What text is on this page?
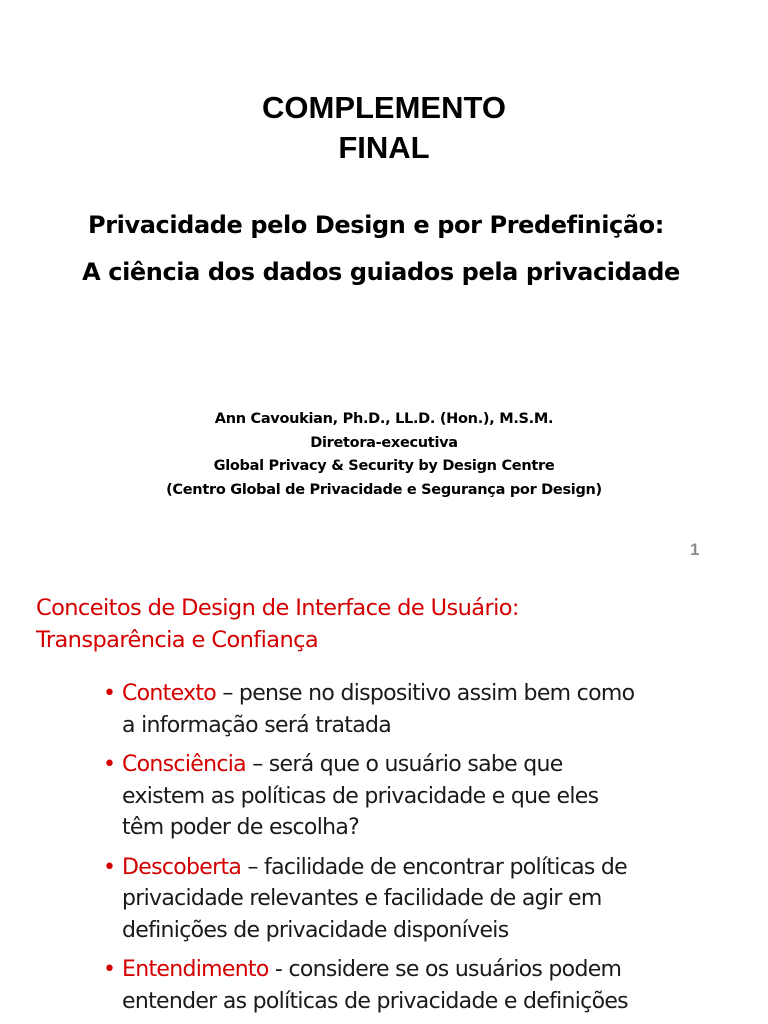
COMPLEMENTO
FINAL
Privacidade pelo Design e por Predefinição:
A ciência dos dados guiados pela privacidade
Ann Cavoukian, Ph.D., LL.D. (Hon.), M.S.M.
Diretora-executiva
Global Privacy & Security by Design Centre
(Centro Global de Privacidade e Segurança por Design)
1
Conceitos de Design de Interface de Usuário:
Transparência e Confiança
• Contexto – pense no dispositivo assim bem como
a informação será tratada
• Consciência – será que o usuário sabe que
existem as políticas de privacidade e que eles
têm poder de escolha?
• Descoberta – facilidade de encontrar políticas de
privacidade relevantes e facilidade de agir em
definições de privacidade disponíveis
• Entendimento - considere se os usuários podem
entender as políticas de privacidade e definições
